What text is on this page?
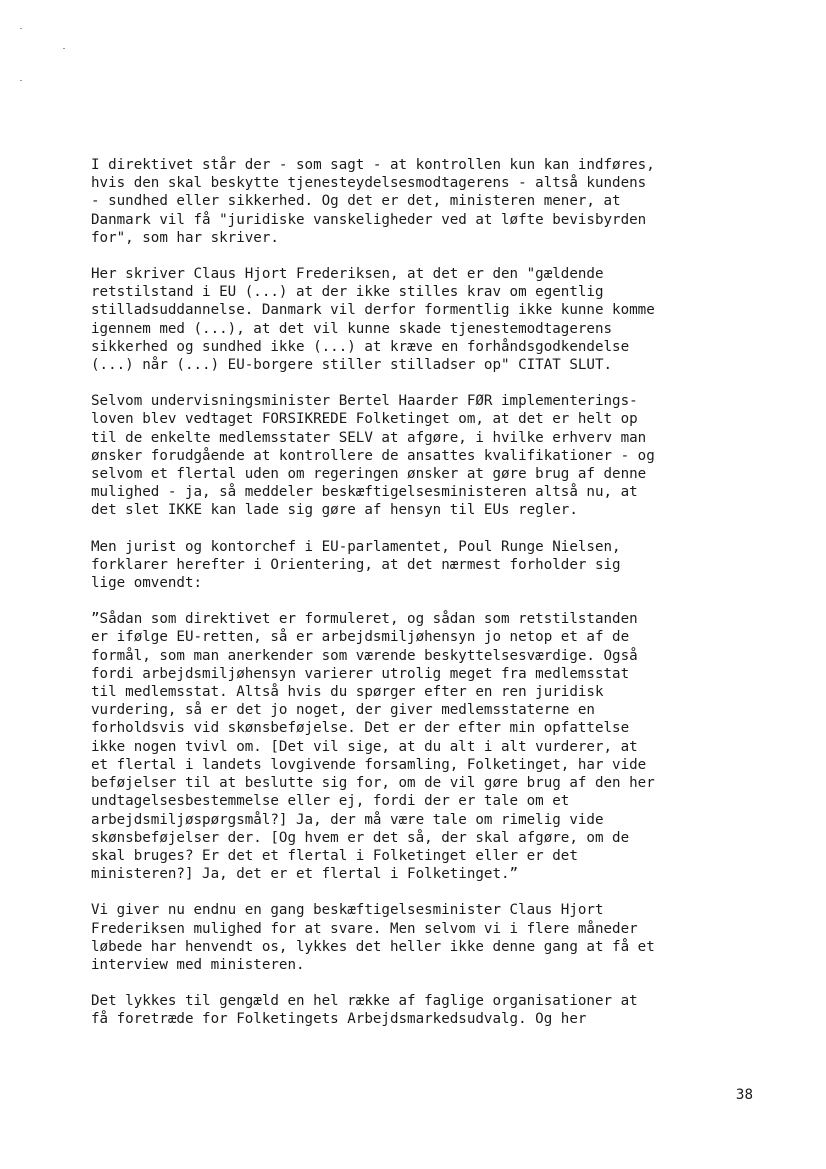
I direktivet står der - som sagt - at kontrollen kun kan indføres,
hvis den skal beskytte tjenesteydelsesmodtagerens - altså kundens
- sundhed eller sikkerhed. Og det er det, ministeren mener, at
Danmark vil få "juridiske vanskeligheder ved at løfte bevisbyrden
for", som har skriver.

Her skriver Claus Hjort Frederiksen, at det er den "gældende
retstilstand i EU (...) at der ikke stilles krav om egentlig
stilladsuddannelse. Danmark vil derfor formentlig ikke kunne komme
igennem med (...), at det vil kunne skade tjenestemodtagerens
sikkerhed og sundhed ikke (...) at kræve en forhåndsgodkendelse
(...) når (...) EU-borgere stiller stilladser op" CITAT SLUT.

Selvom undervisningsminister Bertel Haarder FØR implementerings-
loven blev vedtaget FORSIKREDE Folketinget om, at det er helt op
til de enkelte medlemsstater SELV at afgøre, i hvilke erhverv man
ønsker forudgående at kontrollere de ansattes kvalifikationer - og
selvom et flertal uden om regeringen ønsker at gøre brug af denne
mulighed - ja, så meddeler beskæftigelsesministeren altså nu, at
det slet IKKE kan lade sig gøre af hensyn til EUs regler.

Men jurist og kontorchef i EU-parlamentet, Poul Runge Nielsen,
forklarer herefter i Orientering, at det nærmest forholder sig
lige omvendt:

”Sådan som direktivet er formuleret, og sådan som retstilstanden
er ifølge EU-retten, så er arbejdsmiljøhensyn jo netop et af de
formål, som man anerkender som værende beskyttelsesværdige. Også
fordi arbejdsmiljøhensyn varierer utrolig meget fra medlemsstat
til medlemsstat. Altså hvis du spørger efter en ren juridisk
vurdering, så er det jo noget, der giver medlemsstaterne en
forholdsvis vid skønsbeføjelse. Det er der efter min opfattelse
ikke nogen tvivl om. [Det vil sige, at du alt i alt vurderer, at
et flertal i landets lovgivende forsamling, Folketinget, har vide
beføjelser til at beslutte sig for, om de vil gøre brug af den her
undtagelsesbestemmelse eller ej, fordi der er tale om et
arbejdsmiljøspørgsmål?] Ja, der må være tale om rimelig vide
skønsbeføjelser der. [Og hvem er det så, der skal afgøre, om de
skal bruges? Er det et flertal i Folketinget eller er det
ministeren?] Ja, det er et flertal i Folketinget.”

Vi giver nu endnu en gang beskæftigelsesminister Claus Hjort
Frederiksen mulighed for at svare. Men selvom vi i flere måneder
løbede har henvendt os, lykkes det heller ikke denne gang at få et
interview med ministeren.

Det lykkes til gengæld en hel række af faglige organisationer at
få foretræde for Folketingets Arbejdsmarkedsudvalg. Og her

38
